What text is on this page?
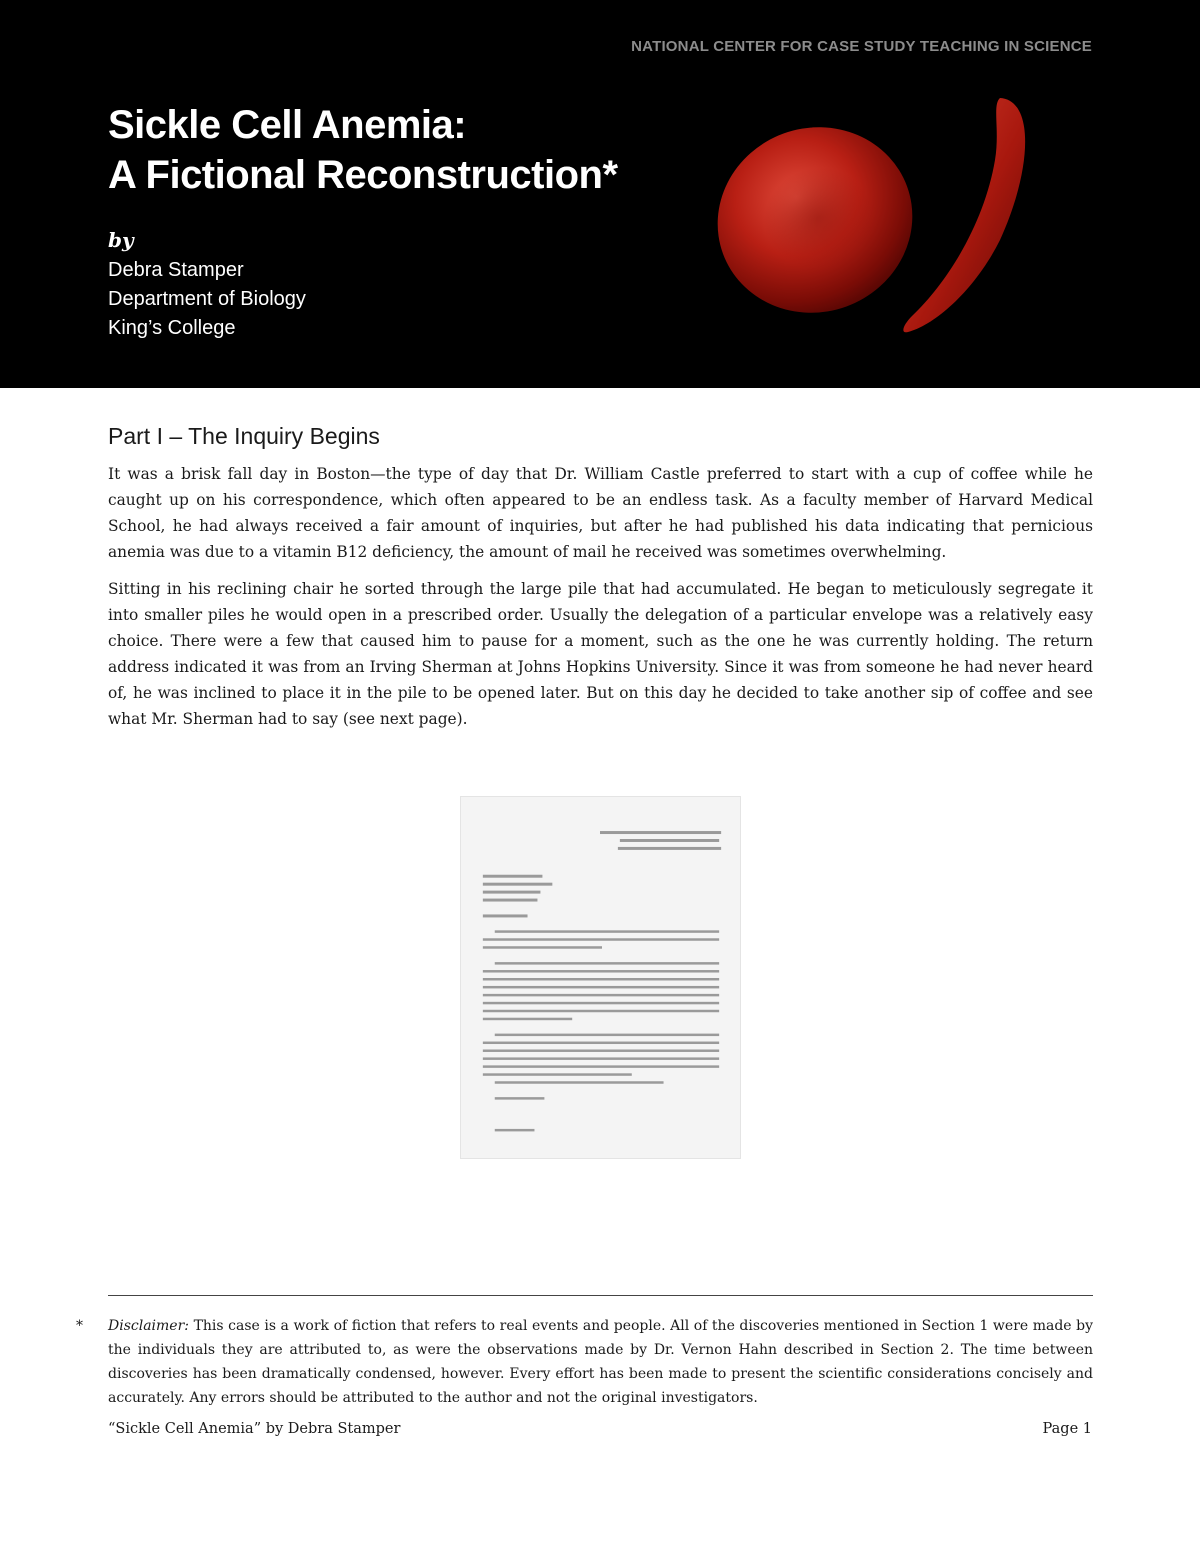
NATIONAL CENTER FOR CASE STUDY TEACHING IN SCIENCE
Sickle Cell Anemia:
A Fictional Reconstruction*
by
Debra Stamper
Department of Biology
King’s College
Part I – The Inquiry Begins

It was a brisk fall day in Boston—the type of day that Dr. William Castle preferred to start with a cup of coffee while he caught up on his correspondence, which often appeared to be an endless task. As a faculty member of Harvard Medical School, he had always received a fair amount of inquiries, but after he had published his data indicating that pernicious anemia was due to a vitamin B12 deficiency, the amount of mail he received was sometimes overwhelming.

Sitting in his reclining chair he sorted through the large pile that had accumulated. He began to meticulously segregate it into smaller piles he would open in a prescribed order. Usually the delegation of a particular envelope was a relatively easy choice. There were a few that caused him to pause for a moment, such as the one he was currently holding. The return address indicated it was from an Irving Sherman at Johns Hopkins University. Since it was from someone he had never heard of, he was inclined to place it in the pile to be opened later. But on this day he decided to take another sip of coffee and see what Mr. Sherman had to say (see next page).

* Disclaimer: This case is a work of fiction that refers to real events and people. All of the discoveries mentioned in Section 1 were made by the individuals they are attributed to, as were the observations made by Dr. Vernon Hahn described in Section 2. The time between discoveries has been dramatically condensed, however. Every effort has been made to present the scientific considerations concisely and accurately. Any errors should be attributed to the author and not the original investigators.
“Sickle Cell Anemia” by Debra Stamper	Page 1
